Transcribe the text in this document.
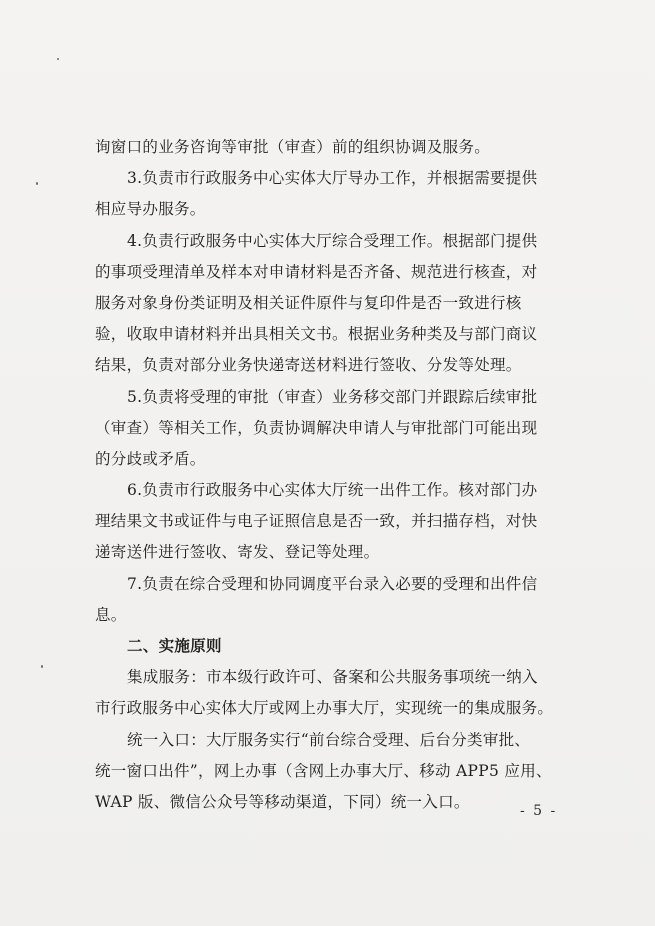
询窗口的业务咨询等审批（审查）前的组织协调及服务。
3.负责市行政服务中心实体大厅导办工作，并根据需要提供
相应导办服务。
4.负责行政服务中心实体大厅综合受理工作。根据部门提供
的事项受理清单及样本对申请材料是否齐备、规范进行核查，对
服务对象身份类证明及相关证件原件与复印件是否一致进行核
验，收取申请材料并出具相关文书。根据业务种类及与部门商议
结果，负责对部分业务快递寄送材料进行签收、分发等处理。
5.负责将受理的审批（审查）业务移交部门并跟踪后续审批
（审查）等相关工作，负责协调解决申请人与审批部门可能出现
的分歧或矛盾。
6.负责市行政服务中心实体大厅统一出件工作。核对部门办
理结果文书或证件与电子证照信息是否一致，并扫描存档，对快
递寄送件进行签收、寄发、登记等处理。
7.负责在综合受理和协同调度平台录入必要的受理和出件信
息。
二、实施原则
集成服务：市本级行政许可、备案和公共服务事项统一纳入
市行政服务中心实体大厅或网上办事大厅，实现统一的集成服务。
统一入口：大厅服务实行“前台综合受理、后台分类审批、
统一窗口出件”，网上办事（含网上办事大厅、移动 APP5 应用、
WAP 版、微信公众号等移动渠道，下同）统一入口。
- 5 -
